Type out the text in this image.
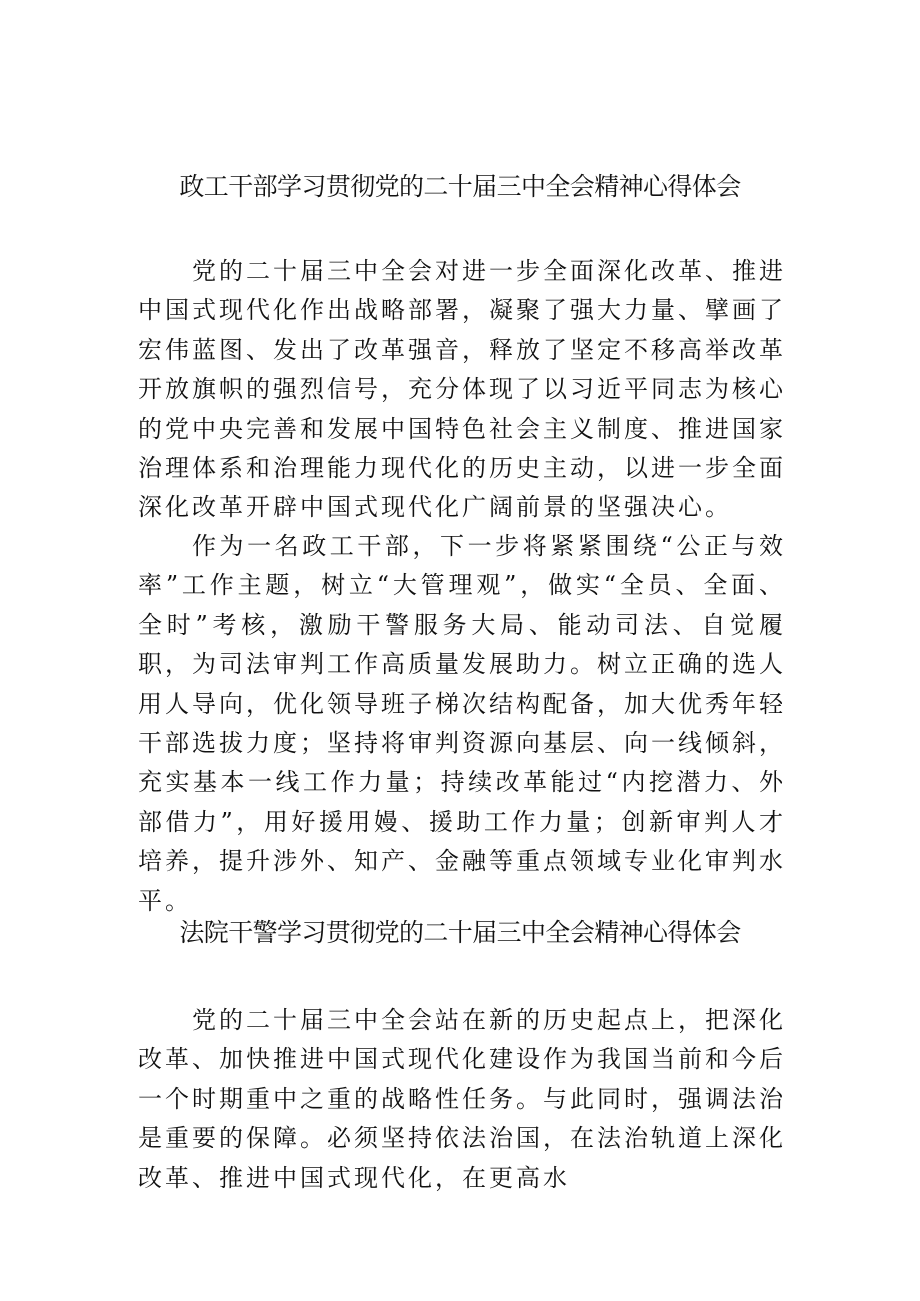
政工干部学习贯彻党的二十届三中全会精神心得体会

党的二十届三中全会对进一步全面深化改革、推进中国式现代化作出战略部署，凝聚了强大力量、擘画了宏伟蓝图、发出了改革强音，释放了坚定不移高举改革开放旗帜的强烈信号，充分体现了以习近平同志为核心的党中央完善和发展中国特色社会主义制度、推进国家治理体系和治理能力现代化的历史主动，以进一步全面深化改革开辟中国式现代化广阔前景的坚强决心。

作为一名政工干部，下一步将紧紧围绕“公正与效率”工作主题，树立“大管理观”，做实“全员、全面、全时”考核，激励干警服务大局、能动司法、自觉履职，为司法审判工作高质量发展助力。树立正确的选人用人导向，优化领导班子梯次结构配备，加大优秀年轻干部选拔力度；坚持将审判资源向基层、向一线倾斜，充实基本一线工作力量；持续改革能过“内挖潜力、外部借力”，用好援用嫚、援助工作力量；创新审判人才培养，提升涉外、知产、金融等重点领域专业化审判水平。

法院干警学习贯彻党的二十届三中全会精神心得体会

党的二十届三中全会站在新的历史起点上，把深化改革、加快推进中国式现代化建设作为我国当前和今后一个时期重中之重的战略性任务。与此同时，强调法治是重要的保障。必须坚持依法治国，在法治轨道上深化改革、推进中国式现代化，在更高水
